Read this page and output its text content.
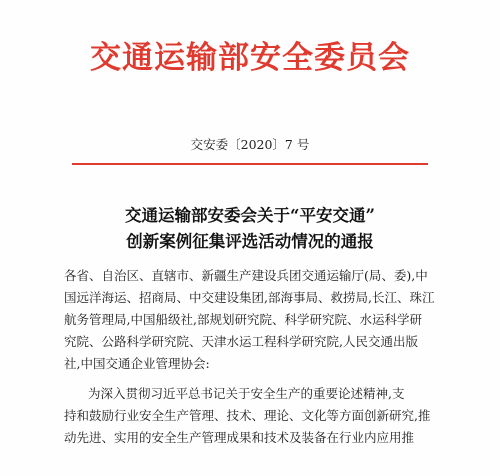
交通运输部安全委员会
交安委〔2020〕7 号
交通运输部安委会关于“平安交通”
创新案例征集评选活动情况的通报
各省、自治区、直辖市、新疆生产建设兵团交通运输厅(局、委),中
国远洋海运、招商局、中交建设集团,部海事局、救捞局,长江、珠江
航务管理局,中国船级社,部规划研究院、科学研究院、水运科学研
究院、公路科学研究院、天津水运工程科学研究院,人民交通出版
社,中国交通企业管理协会:
为深入贯彻习近平总书记关于安全生产的重要论述精神,支
持和鼓励行业安全生产管理、技术、理论、文化等方面创新研究,推
动先进、实用的安全生产管理成果和技术及装备在行业内应用推
